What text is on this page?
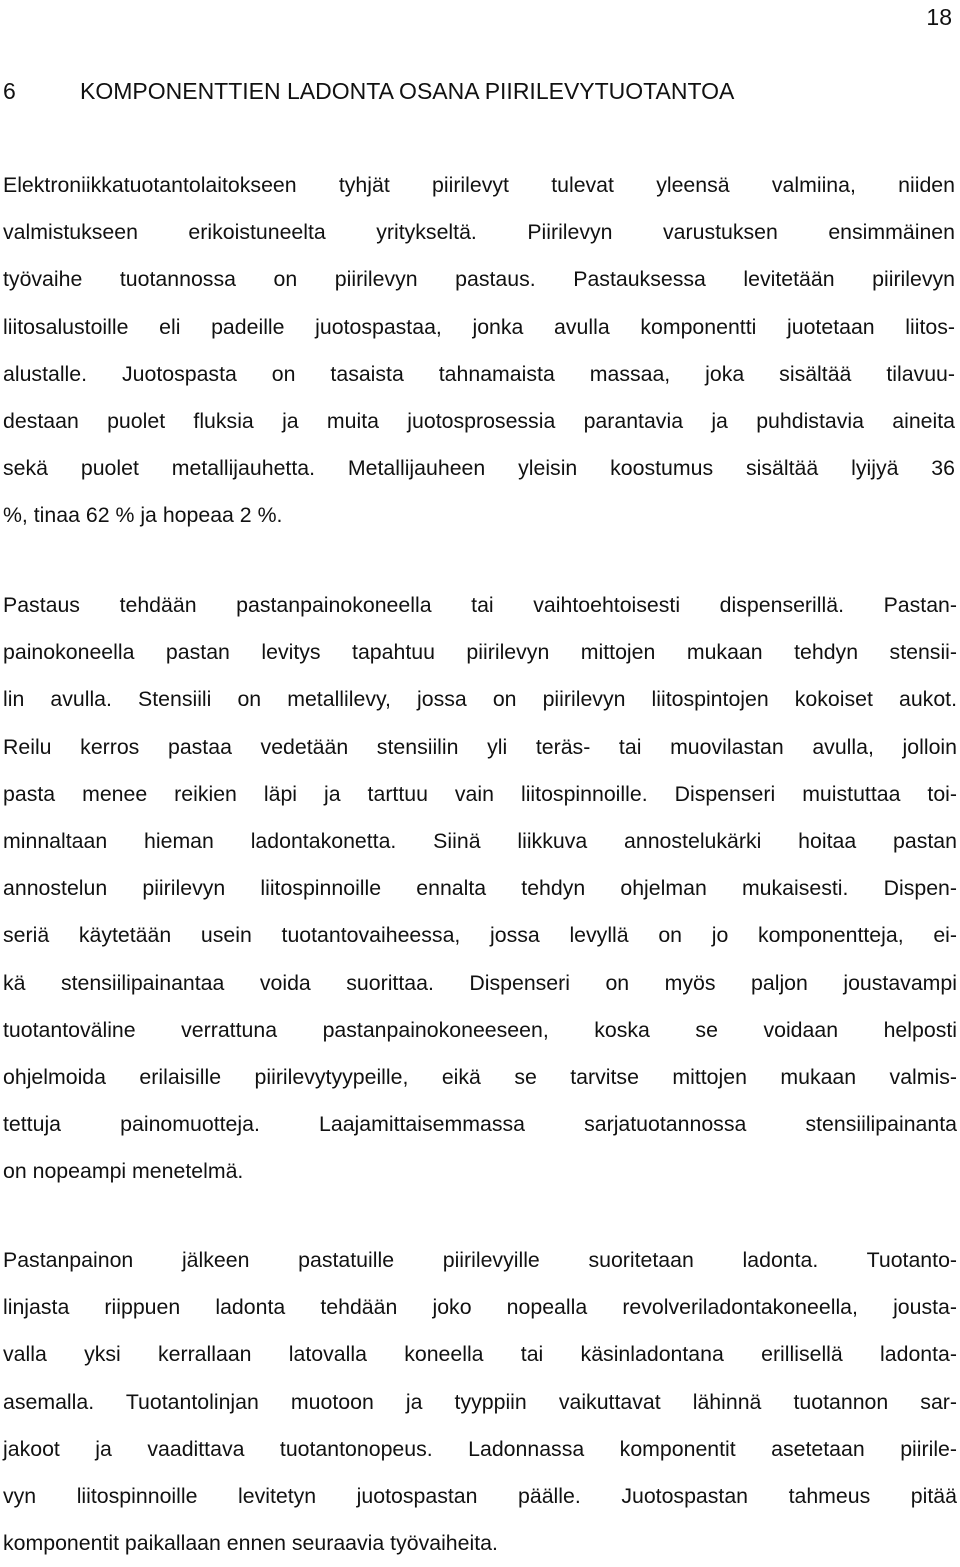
18
6	KOMPONENTTIEN LADONTA OSANA PIIRILEVYTUOTANTOA
Elektroniikkatuotantolaitokseen tyhjät piirilevyt tulevat yleensä valmiina, niiden
valmistukseen erikoistuneelta yritykseltä. Piirilevyn varustuksen ensimmäinen
työvaihe tuotannossa on piirilevyn pastaus. Pastauksessa levitetään piirilevyn
liitosalustoille eli padeille juotospastaa, jonka avulla komponentti juotetaan liitos-
alustalle. Juotospasta on tasaista tahnamaista massaa, joka sisältää tilavuu-
destaan puolet fluksia ja muita juotosprosessia parantavia ja puhdistavia aineita
sekä puolet metallijauhetta. Metallijauheen yleisin koostumus sisältää lyijyä 36
%, tinaa 62 % ja hopeaa 2 %.
Pastaus tehdään pastanpainokoneella tai vaihtoehtoisesti dispenserillä. Pastan-
painokoneella pastan levitys tapahtuu piirilevyn mittojen mukaan tehdyn stensii-
lin avulla. Stensiili on metallilevy, jossa on piirilevyn liitospintojen kokoiset aukot.
Reilu kerros pastaa vedetään stensiilin yli teräs- tai muovilastan avulla, jolloin
pasta menee reikien läpi ja tarttuu vain liitospinnoille. Dispenseri muistuttaa toi-
minnaltaan hieman ladontakonetta. Siinä liikkuva annostelukärki hoitaa pastan
annostelun piirilevyn liitospinnoille ennalta tehdyn ohjelman mukaisesti. Dispen-
seriä käytetään usein tuotantovaiheessa, jossa levyllä on jo komponentteja, ei-
kä stensiilipainantaa voida suorittaa. Dispenseri on myös paljon joustavampi
tuotantoväline verrattuna pastanpainokoneeseen, koska se voidaan helposti
ohjelmoida erilaisille piirilevytyypeille, eikä se tarvitse mittojen mukaan valmis-
tettuja painomuotteja. Laajamittaisemmassa sarjatuotannossa stensiilipainanta
on nopeampi menetelmä.
Pastanpainon jälkeen pastatuille piirilevyille suoritetaan ladonta. Tuotanto-
linjasta riippuen ladonta tehdään joko nopealla revolveriladontakoneella, jousta-
valla yksi kerrallaan latovalla koneella tai käsinladontana erillisellä ladonta-
asemalla. Tuotantolinjan muotoon ja tyyppiin vaikuttavat lähinnä tuotannon sar-
jakoot ja vaadittava tuotantonopeus. Ladonnassa komponentit asetetaan piirile-
vyn liitospinnoille levitetyn juotospastan päälle. Juotospastan tahmeus pitää
komponentit paikallaan ennen seuraavia työvaiheita.
